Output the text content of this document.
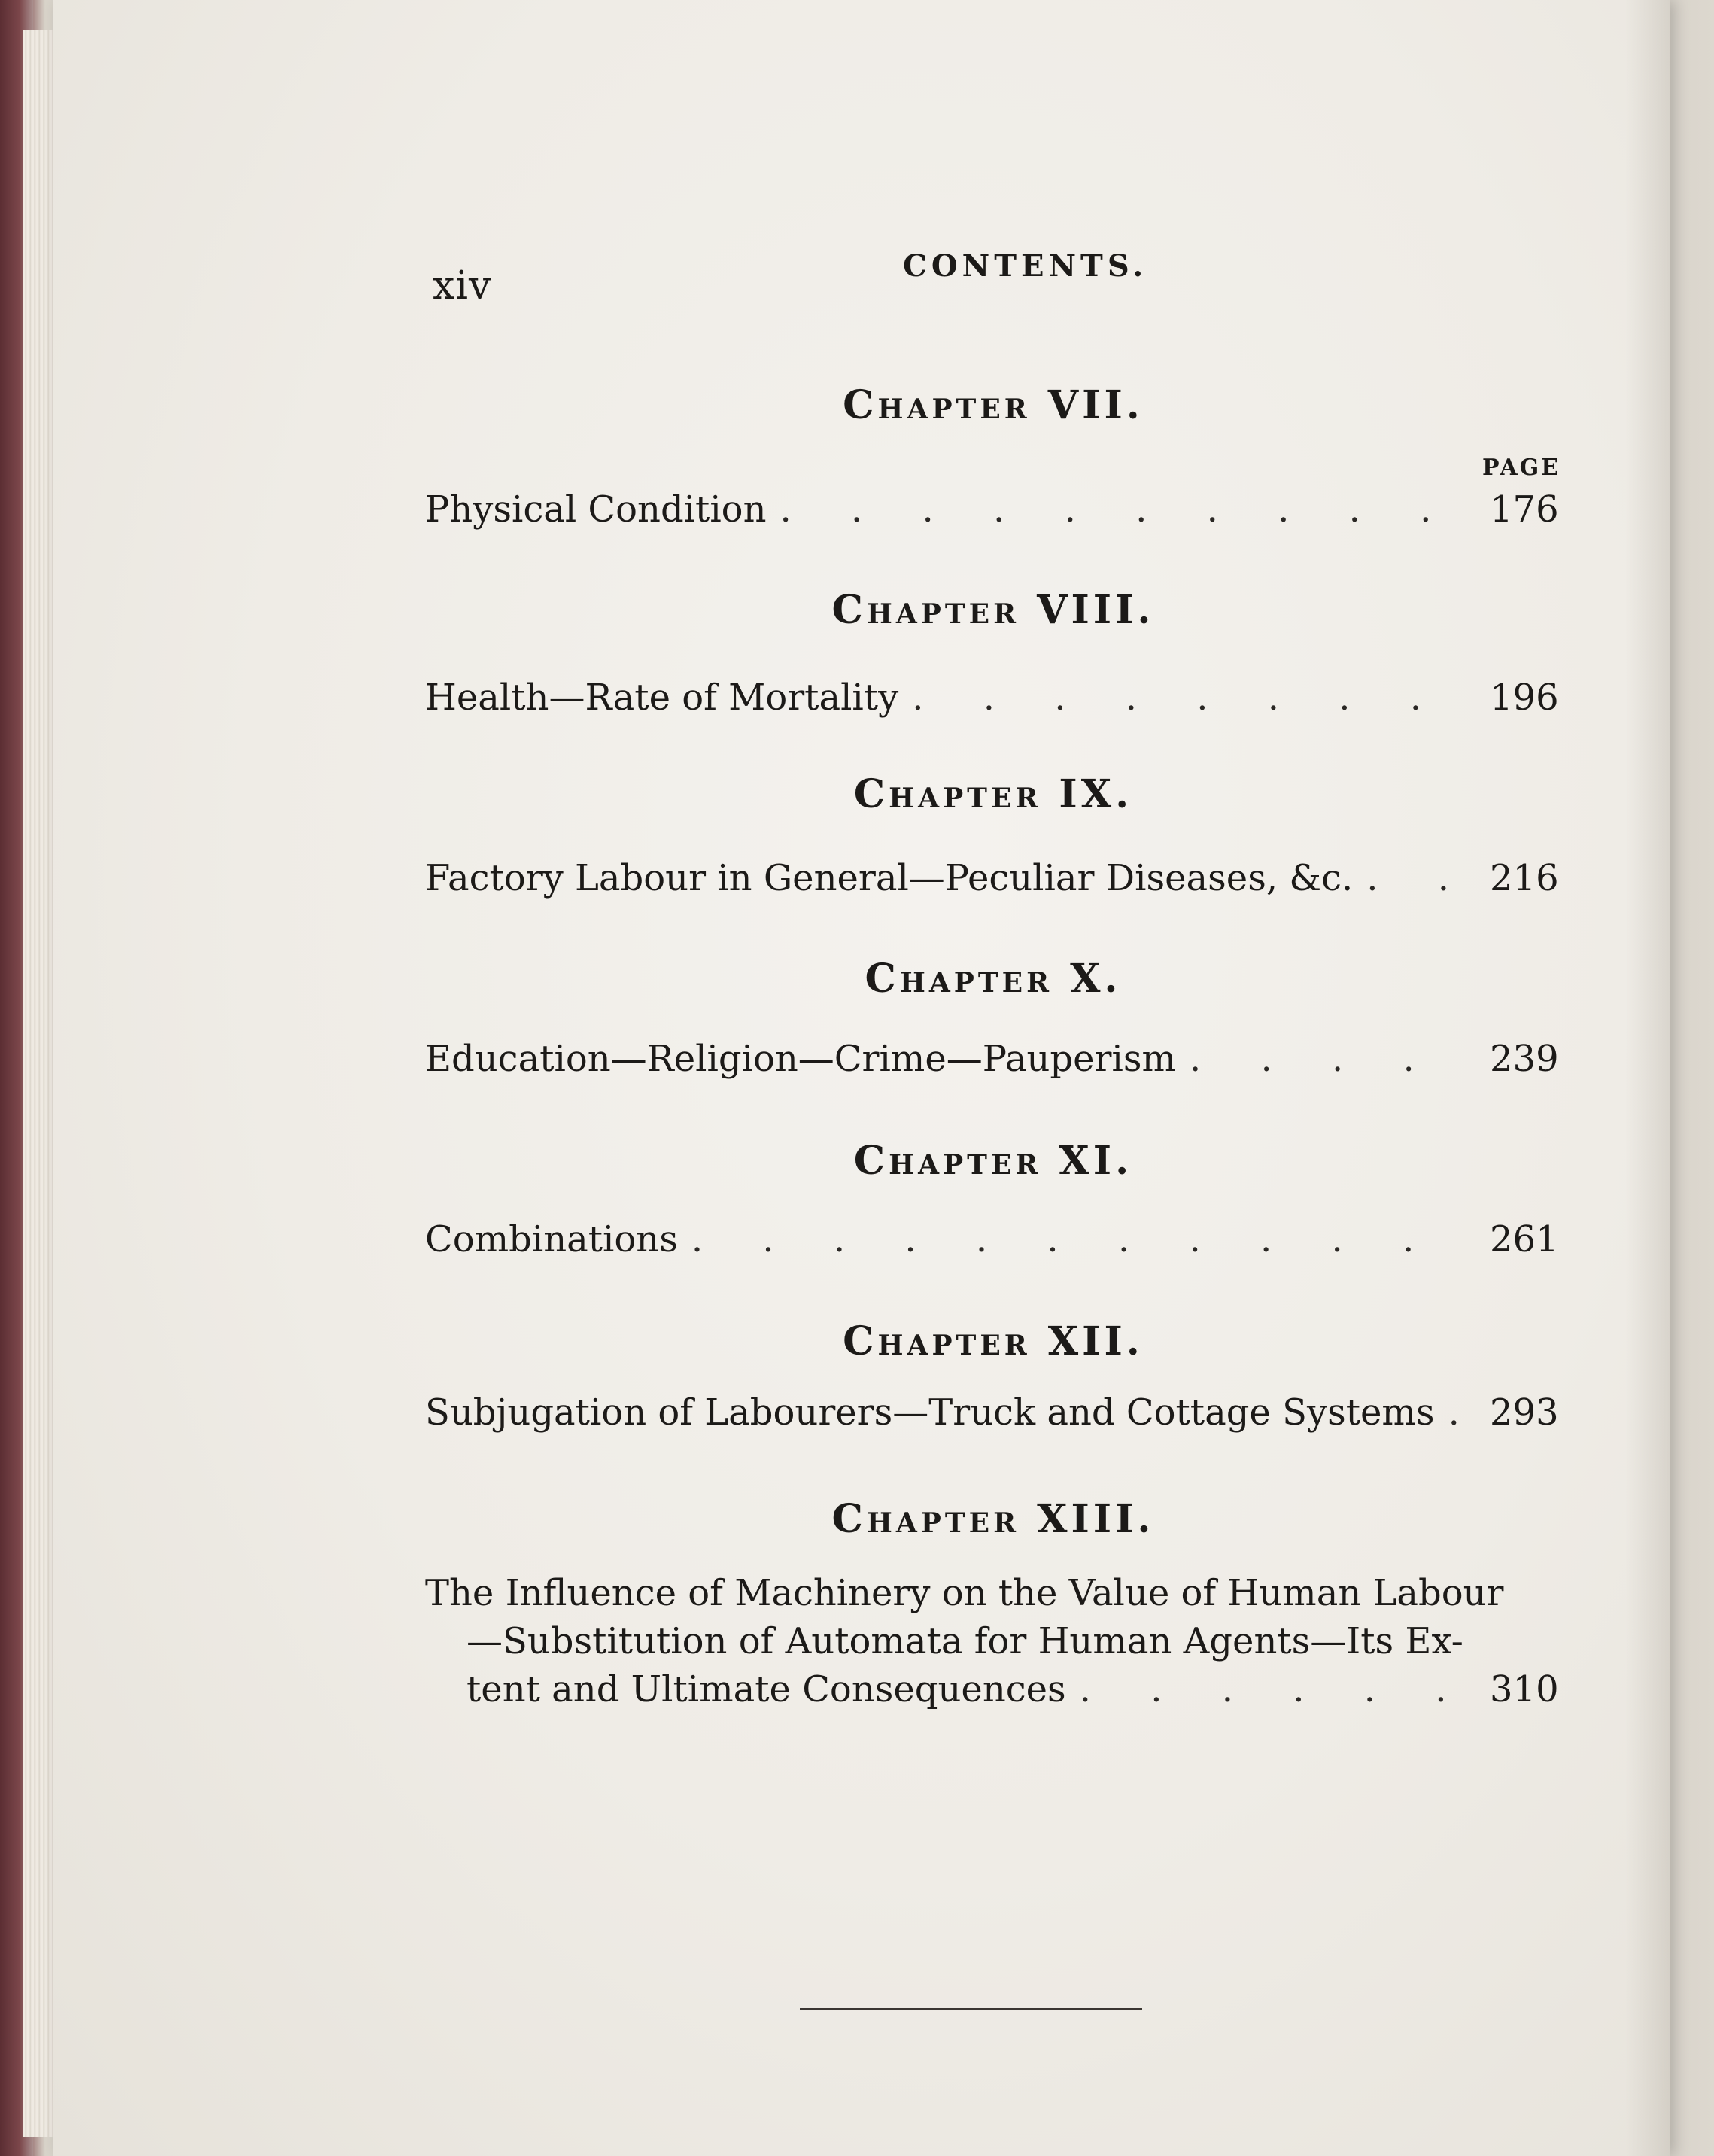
xiv	CONTENTS.
PAGE
Chapter VII.
Physical Condition . . .	176
Chapter VIII.
Health—Rate of Mortality . . .	196
Chapter IX.
Factory Labour in General—Peculiar Diseases, &c. . . .	216
Chapter X.
Education—Religion—Crime—Pauperism . . .	239
Chapter XI.
Combinations . . .	261
Chapter XII.
Subjugation of Labourers—Truck and Cottage Systems . . . 293
Chapter XIII.
The Influence of Machinery on the Value of Human Labour
—Substitution of Automata for Human Agents—Its Ex-
tent and Ultimate Consequences . . .	310
